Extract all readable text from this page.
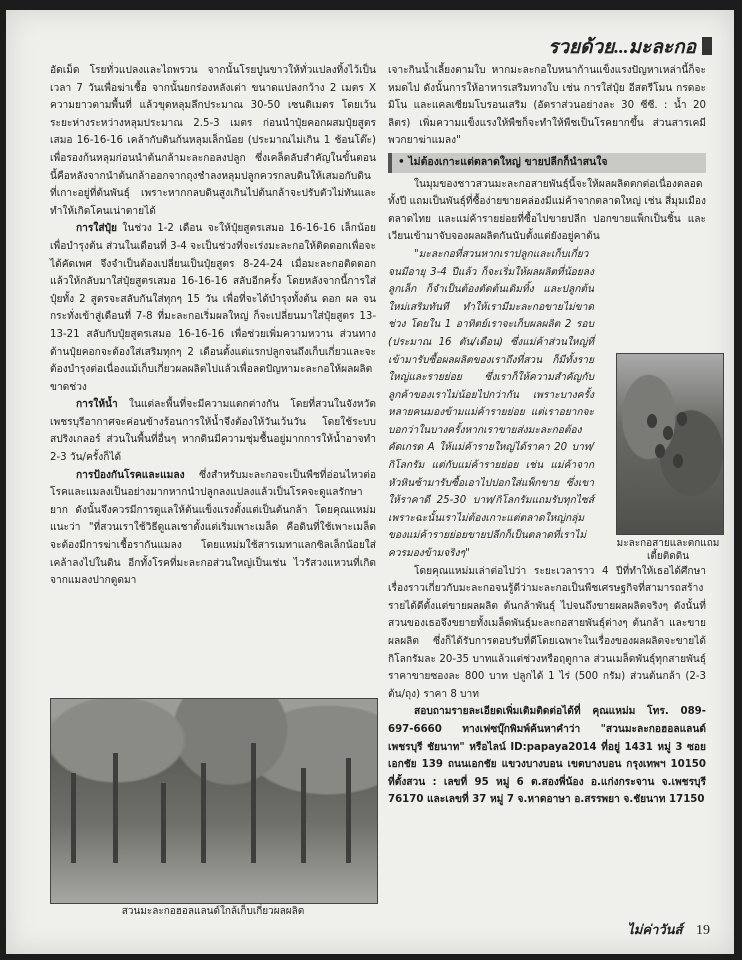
รวยด้วย...มะละกอ

อัดเม็ด โรยทั่วแปลงและไถพรวน จากนั้นโรยปูนขาวให้ทั่วแปลงทิ้งไว้เป็นเวลา 7 วันเพื่อฆ่าเชื้อ จากนั้นยกร่องหลังเต่า ขนาดแปลงกว้าง 2 เมตร X ความยาวตามพื้นที่ แล้วขุดหลุมลึกประมาณ 30-50 เซนติเมตร โดยเว้นระยะห่างระหว่างหลุมประมาณ 2.5-3 เมตร ก่อนนำปุ๋ยคอกผสมปุ๋ยสูตรเสมอ 16-16-16 เคล้ากับดินก้นหลุมเล็กน้อย (ประมาณไม่เกิน 1 ช้อนโต๊ะ) เพื่อรองก้นหลุมก่อนนำต้นกล้ามะละกอลงปลูก ซึ่งเคล็ดลับสำคัญในขั้นตอนนี้คือหลังจากนำต้นกล้าออกจากถุงชำลงหลุมปลูกควรกลบดินให้เสมอกับดินที่เกาะอยู่ที่ต้นพันธุ์ เพราะหากกลบดินสูงเกินไปต้นกล้าจะปรับตัวไม่ทันและทำให้เกิดโคนเน่าตายได้

การใส่ปุ๋ย ในช่วง 1-2 เดือน จะให้ปุ๋ยสูตรเสมอ 16-16-16 เล็กน้อยเพื่อบำรุงต้น ส่วนในเดือนที่ 3-4 จะเป็นช่วงที่จะเร่งมะละกอให้ติดดอกเพื่อจะได้คัดเพศ จึงจำเป็นต้องเปลี่ยนเป็นปุ๋ยสูตร 8-24-24 เมื่อมะละกอติดดอกแล้วให้กลับมาใส่ปุ๋ยสูตรเสมอ 16-16-16 สลับอีกครั้ง โดยหลังจากนี้การใส่ปุ๋ยทั้ง 2 สูตรจะสลับกันใส่ทุกๆ 15 วัน เพื่อที่จะได้บำรุงทั้งต้น ดอก ผล จนกระทั่งเข้าสู่เดือนที่ 7-8 ที่มะละกอเริ่มผลใหญ่ ก็จะเปลี่ยนมาใส่ปุ๋ยสูตร 13-13-21 สลับกับปุ๋ยสูตรเสมอ 16-16-16 เพื่อช่วยเพิ่มความหวาน ส่วนทางด้านปุ๋ยคอกจะต้องใส่เสริมทุกๆ 2 เดือนตั้งแต่แรกปลูกจนถึงเก็บเกี่ยวและจะต้องบำรุงต่อเนื่องแม้เก็บเกี่ยวผลผลิตไปแล้วเพื่อลดปัญหามะละกอให้ผลผลิตขาดช่วง

การให้น้ำ ในแต่ละพื้นที่จะมีความแตกต่างกัน โดยที่สวนในจังหวัดเพชรบุรีอากาศจะค่อนข้างร้อนการให้น้ำจึงต้องให้วันเว้นวัน โดยใช้ระบบสปริงเกลอร์ ส่วนในพื้นที่อื่นๆ หากดินมีความชุ่มชื้นอยู่มากการให้น้ำอาจทำ 2-3 วัน/ครั้งก็ได้

การป้องกันโรคและแมลง ซึ่งสำหรับมะละกอจะเป็นพืชที่อ่อนไหวต่อโรคและแมลงเป็นอย่างมากหากนำปลูกลงแปลงแล้วเป็นโรคจะดูแลรักษายาก ดังนั้นจึงควรมีการดูแลให้ต้นแข็งแรงตั้งแต่เป็นต้นกล้า โดยคุณแหม่ม แนะว่า "ที่สวนเราใช้วิธีดูแลเชาตั้งแต่เริ่มเพาะเมล็ด คือดินที่ใช้เพาะเมล็ดจะต้องมีการฆ่าเชื้อรากันแมลง โดยแหม่มใช้สารเมทาแลกซิลเล็กน้อยใส่เคล้าลงไปในดิน อีกทั้งโรคที่มะละกอส่วนใหญ่เป็นเช่น ไวรัสวงแหวนที่เกิดจากแมลงปากดูดมา

สวนมะละกอฮอลแลนด์ใกล้เก็บเกี่ยวผลผลิต

เจาะกินน้ำเลี้ยงตามใบ หากมะละกอใบหนาก้านแข็งแรงปัญหาเหล่านี้ก็จะหมดไป ดังนั้นการให้อาหารเสริมทางใบ เช่น การใส่ปุ๋ย อีสตรีโมน กรดอะมิโน และแคลเซียมโบรอนเสริม (อัตราส่วนอย่างละ 30 ซีซี. : น้ำ 20 ลิตร) เพิ่มความแข็งแรงให้พืชก็จะทำให้พืชเป็นโรคยากขึ้น ส่วนสารเคมีพวกยาฆ่าแมลง"

• ไม่ต้องเกาะแต่ตลาดใหญ่ ขายปลีกก็นำสนใจ

ในมุมของชาวสวนมะละกอสายพันธุ์นี้จะให้ผลผลิตตกต่อเนื่องตลอดทั้งปี แถมเป็นพันธุ์ที่ซื้อง่ายขายคล่องมีแม่ค้าจากตลาดใหญ่ เช่น สี่มุมเมือง ตลาดไทย และแม่ค้ารายย่อยที่ซื้อไปขายปลีก ปอกขายแพ็กเป็นชิ้น และเวียนเข้ามาจับจองผลผลิตกันนับตั้งแต่ยังอยู่คาต้น

"มะละกอที่สวนหากเราปลูกและเก็บเกี่ยวจนมีอายุ 3-4 ปีแล้ว ก็จะเริ่มให้ผลผลิตที่น้อยลงลูกเล็ก ก็จำเป็นต้องตัดต้นเดิมทิ้ง และปลูกต้นใหม่เสริมทันที ทำให้เรามีมะละกอขายไม่ขาดช่วง โดยใน 1 อาทิตย์เราจะเก็บผลผลิต 2 รอบ (ประมาณ 16 ตัน/เดือน) ซึ่งแม่ค้าส่วนใหญ่ที่เข้ามารับซื้อผลผลิตของเราถึงที่สวน ก็มีทั้งรายใหญ่และรายย่อย ซึ่งเราก็ให้ความสำคัญกับลูกค้าของเราไม่น้อยไปกว่ากัน เพราะบางครั้งหลายคนมองข้ามแม่ค้ารายย่อย แต่เราอยากจะบอกว่าในบางครั้งหากเราขายส่งมะละกอต้องคัดเกรด A ให้แม่ค้ารายใหญ่ได้ราคา 20 บาท/กิโลกรัม แต่กับแม่ค้ารายย่อย เช่น แม่ค้าจากหัวหินซ้ามารับซื้อเอาไปปอกใส่แพ็กขาย ซึ่งเขาให้ราคาดี 25-30 บาท/กิโลกรัมแถมรับทุกไซส์ เพราะฉะนั้นเราไม่ต้องเกาะแต่ตลาดใหญ่กลุ่มของแม่ค้ารายย่อยขายปลีกก็เป็นตลาดที่เราไม่ควรมองข้ามจริงๆ"

โดยคุณแหม่มเล่าต่อไปว่า ระยะเวลาราว 4 ปีที่ทำให้เธอได้ศึกษาเรื่องราวเกี่ยวกับมะละกอจนรู้ดีว่ามะละกอเป็นพืชเศรษฐกิจที่สามารถสร้างรายได้ดีตั้งแต่ขายผลผลิต ต้นกล้าพันธุ์ ไปจนถึงขายผลผลิตจริงๆ ดังนั้นที่สวนของเธอจึงขยายทั้งเมล็ดพันธุ์มะละกอสายพันธุ์ต่างๆ ต้นกล้า และขายผลผลิต ซึ่งก็ได้รับการตอบรับที่ดีโดยเฉพาะในเรื่องของผลผลิตจะขายได้กิโลกรัมละ 20-35 บาทแล้วแต่ช่วงหรือฤดูกาล ส่วนเมล็ดพันธุ์ทุกสายพันธุ์ ราคาขายซองละ 800 บาท ปลูกได้ 1 ไร่ (500 กรัม) ส่วนต้นกล้า (2-3 ต้น/ถุง) ราคา 8 บาท

สอบถามรายละเอียดเพิ่มเติมติดต่อได้ที่ คุณแหม่ม โทร. 089-697-6660 ทางเฟซบุ๊กพิมพ์ค้นหาคำว่า "สวนมะละกอฮอลแลนด์ เพชรบุรี ชัยนาท" หรือไลน์ ID:papaya2014 ที่อยู่ 1431 หมู่ 3 ซอยเอกชัย 139 ถนนเอกชัย แขวงบางบอน เขตบางบอน กรุงเทพฯ 10150 ที่ตั้งสวน : เลขที่ 95 หมู่ 6 ต.สองพี่น้อง อ.แก่งกระจาน จ.เพชรบุรี 76170 และเลขที่ 37 หมู่ 7 จ.หาดอาษา อ.สรรพยา จ.ชัยนาท 17150

มะละกอสายและตกแถมเตี้ยติดดิน
ไม่ค่าวันส์ 19
